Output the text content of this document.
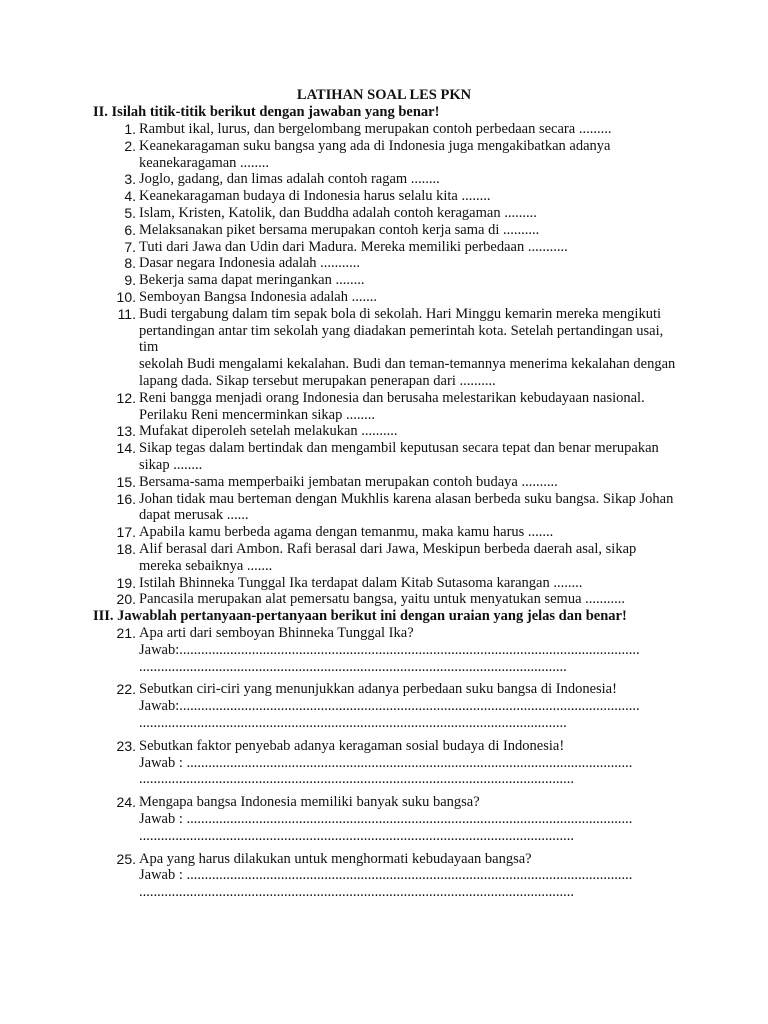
LATIHAN SOAL LES PKN
II. Isilah titik-titik berikut dengan jawaban yang benar!
1. Rambut ikal, lurus, dan bergelombang merupakan contoh perbedaan secara .........
2. Keanekaragaman suku bangsa yang ada di Indonesia juga mengakibatkan adanya keanekaragaman ........
3. Joglo, gadang, dan limas adalah contoh ragam ........
4. Keanekaragaman budaya di Indonesia harus selalu kita ........
5. Islam, Kristen, Katolik, dan Buddha adalah contoh keragaman .........
6. Melaksanakan piket bersama merupakan contoh kerja sama di ..........
7. Tuti dari Jawa dan Udin dari Madura. Mereka memiliki perbedaan ...........
8. Dasar negara Indonesia adalah ...........
9. Bekerja sama dapat meringankan ........
10. Semboyan Bangsa Indonesia adalah .......
11. Budi tergabung dalam tim sepak bola di sekolah. Hari Minggu kemarin mereka mengikuti pertandingan antar tim sekolah yang diadakan pemerintah kota. Setelah pertandingan usai, tim
sekolah Budi mengalami kekalahan. Budi dan teman-temannya menerima kekalahan dengan lapang dada. Sikap tersebut merupakan penerapan dari ..........
12. Reni bangga menjadi orang Indonesia dan berusaha melestarikan kebudayaan nasional. Perilaku Reni mencerminkan sikap ........
13. Mufakat diperoleh setelah melakukan ..........
14. Sikap tegas dalam bertindak dan mengambil keputusan secara tepat dan benar merupakan sikap ........
15. Bersama-sama memperbaiki jembatan merupakan contoh budaya ..........
16. Johan tidak mau berteman dengan Mukhlis karena alasan berbeda suku bangsa. Sikap Johan dapat merusak ......
17. Apabila kamu berbeda agama dengan temanmu, maka kamu harus .......
18. Alif berasal dari Ambon. Rafi berasal dari Jawa, Meskipun berbeda daerah asal, sikap mereka sebaiknya .......
19. Istilah Bhinneka Tunggal Ika terdapat dalam Kitab Sutasoma karangan ........
20. Pancasila merupakan alat pemersatu bangsa, yaitu untuk menyatukan semua ...........
III. Jawablah pertanyaan-pertanyaan berikut ini dengan uraian yang jelas dan benar!
21. Apa arti dari semboyan Bhinneka Tunggal Ika?
Jawab:...............................................................................................................................
......................................................................................................................
22. Sebutkan ciri-ciri yang menunjukkan adanya perbedaan suku bangsa di Indonesia!
Jawab:...............................................................................................................................
......................................................................................................................
23. Sebutkan faktor penyebab adanya keragaman sosial budaya di Indonesia!
Jawab : ...........................................................................................................................
........................................................................................................................
24. Mengapa bangsa Indonesia memiliki banyak suku bangsa?
Jawab : ...........................................................................................................................
........................................................................................................................
25. Apa yang harus dilakukan untuk menghormati kebudayaan bangsa?
Jawab : ...........................................................................................................................
........................................................................................................................
